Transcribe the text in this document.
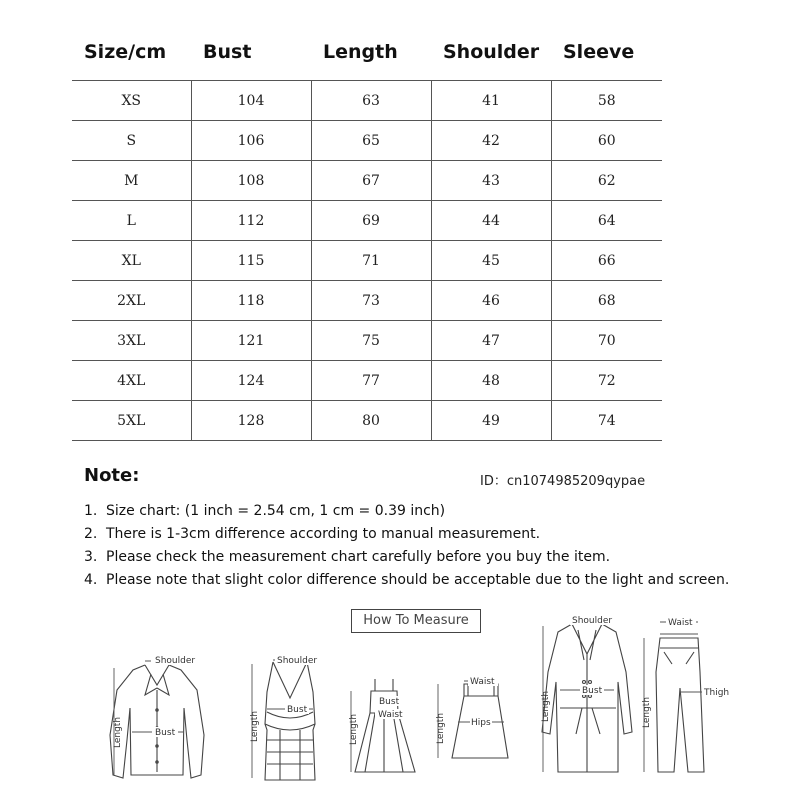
Size/cm	Bust	Length	Shoulder	Sleeve
XS	104	63	41	58
S	106	65	42	60
M	108	67	43	62
L	112	69	44	64
XL	115	71	45	66
2XL	118	73	46	68
3XL	121	75	47	70
4XL	124	77	48	72
5XL	128	80	49	74
Note:	ID：cn1074985209qypae
1. Size chart: (1 inch = 2.54 cm, 1 cm = 0.39 inch)
2. There is 1-3cm difference according to manual measurement.
3. Please check the measurement chart carefully before you buy the item.
4. Please note that slight color difference should be acceptable due to the light and screen.
How To Measure
Shoulder
Bust
Length
Shoulder
Bust
Length
Bust
Waist
Length
Waist
Hips
Length
Shoulder
Bust
Length
Waist
Thigh
Length
